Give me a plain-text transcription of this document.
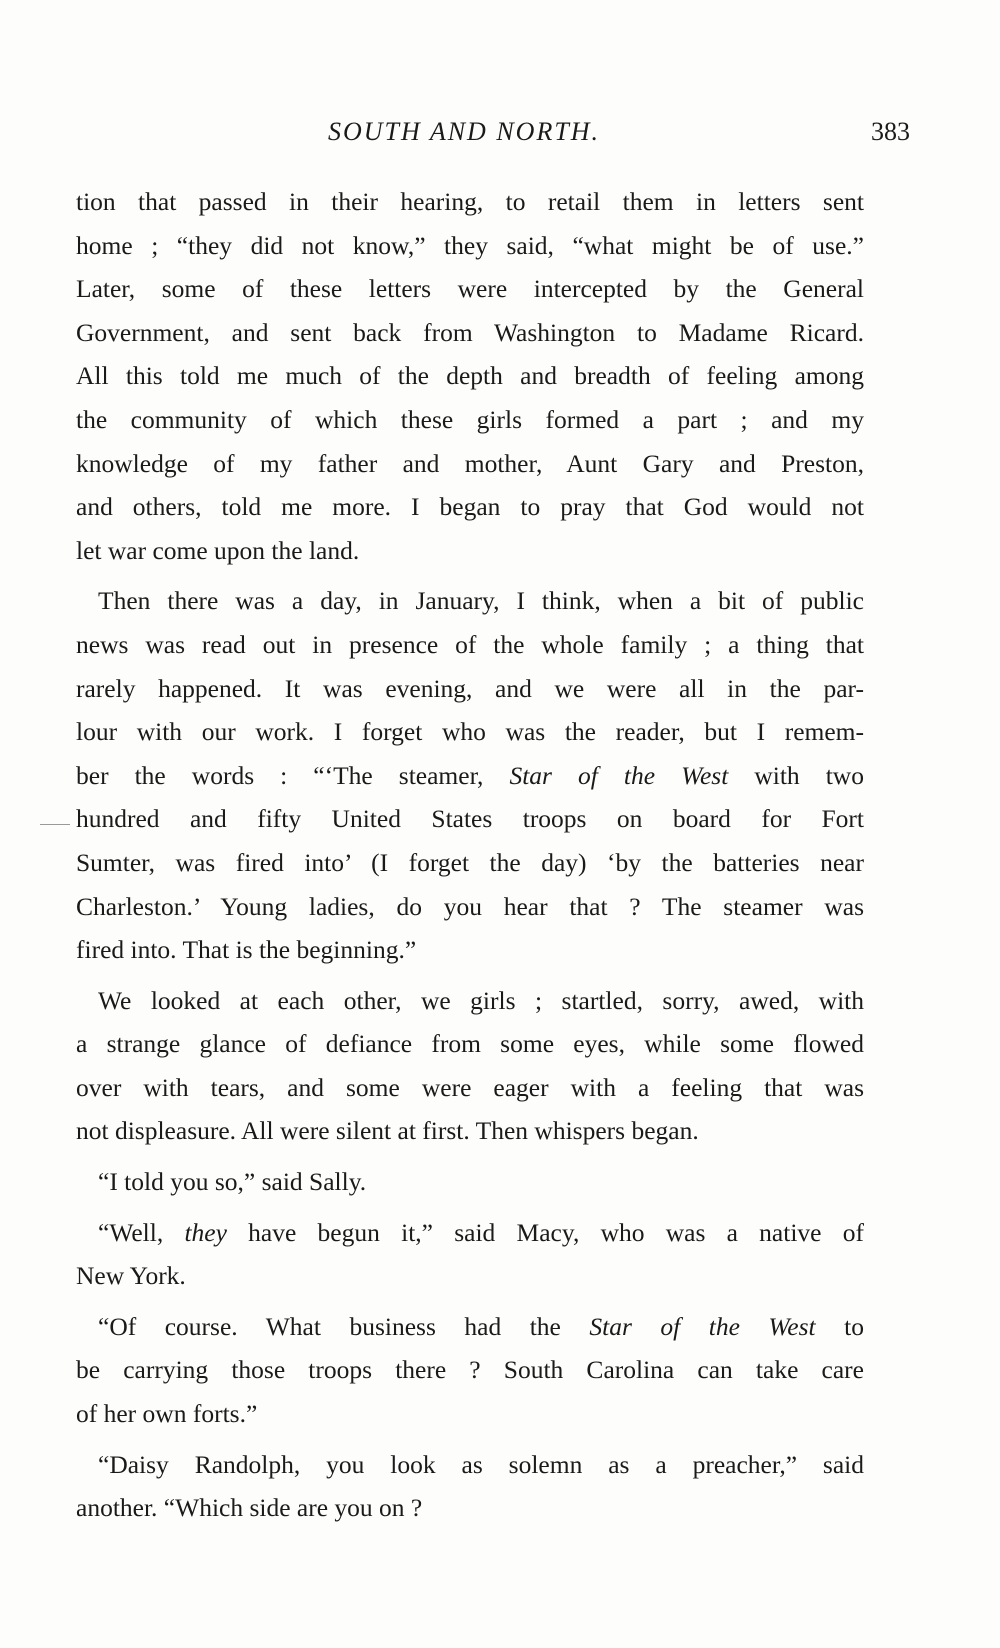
SOUTH AND NORTH.	383
tion that passed in their hearing, to retail them in letters sent
home ; “they did not know,” they said, “what might be of use.”
Later, some of these letters were intercepted by the General
Government, and sent back from Washington to Madame Ricard.
All this told me much of the depth and breadth of feeling among
the community of which these girls formed a part ; and my
knowledge of my father and mother, Aunt Gary and Preston,
and others, told me more. I began to pray that God would not
let war come upon the land.
Then there was a day, in January, I think, when a bit of public
news was read out in presence of the whole family ; a thing that
rarely happened. It was evening, and we were all in the par-
lour with our work. I forget who was the reader, but I remem-
ber the words : “‘The steamer, Star of the West with two
hundred and fifty United States troops on board for Fort
Sumter, was fired into’ (I forget the day) ‘by the batteries near
Charleston.’ Young ladies, do you hear that ? The steamer was
fired into. That is the beginning.”
We looked at each other, we girls ; startled, sorry, awed, with
a strange glance of defiance from some eyes, while some flowed
over with tears, and some were eager with a feeling that was
not displeasure. All were silent at first. Then whispers began.
“I told you so,” said Sally.
“Well, they have begun it,” said Macy, who was a native of
New York.
“Of course. What business had the Star of the West to
be carrying those troops there ? South Carolina can take care
of her own forts.”
“Daisy Randolph, you look as solemn as a preacher,” said
another. “Which side are you on ?
